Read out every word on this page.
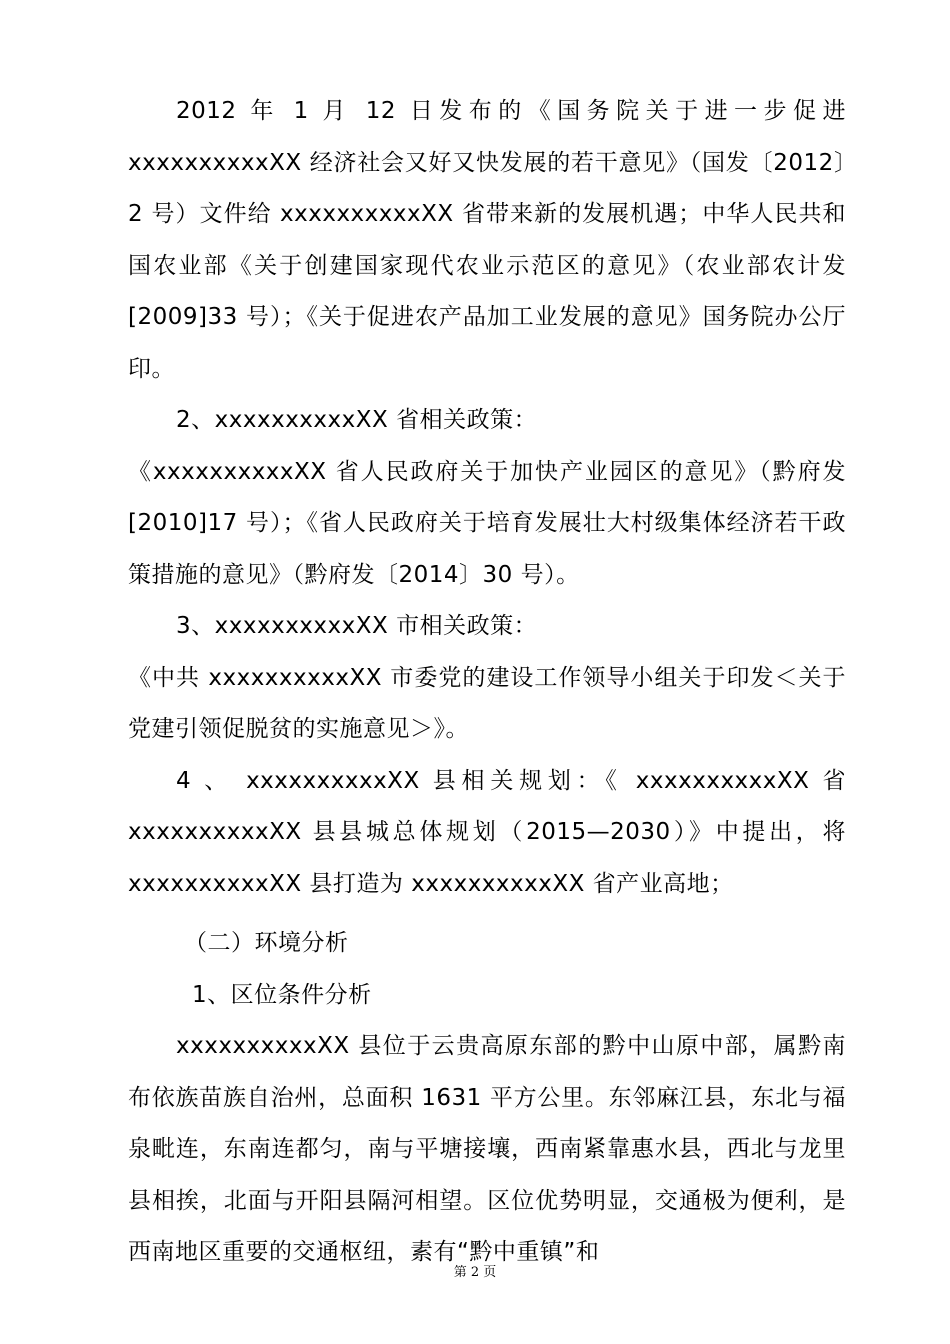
2012 年 1 月 12 日发布的《国务院关于进一步促进 xxxxxxxxxxXX 经济社会又好又快发展的若干意见》（国发〔2012〕2 号）文件给 xxxxxxxxxxXX 省带来新的发展机遇；中华人民共和国农业部《关于创建国家现代农业示范区的意见》（农业部农计发[2009]33 号）；《关于促进农产品加工业发展的意见》国务院办公厅印。

2、xxxxxxxxxxXX 省相关政策：

《xxxxxxxxxxXX 省人民政府关于加快产业园区的意见》（黔府发[2010]17 号）；《省人民政府关于培育发展壮大村级集体经济若干政策措施的意见》（黔府发〔2014〕30 号）。

3、xxxxxxxxxxXX 市相关政策：

《中共 xxxxxxxxxxXX 市委党的建设工作领导小组关于印发＜关于党建引领促脱贫的实施意见＞》。

4 、 xxxxxxxxxxXX 县相关规划：《 xxxxxxxxxxXX 省 xxxxxxxxxxXX 县县城总体规划（2015—2030）》中提出，将 xxxxxxxxxxXX 县打造为 xxxxxxxxxxXX 省产业高地；

（二）环境分析

1、区位条件分析

xxxxxxxxxxXX 县位于云贵高原东部的黔中山原中部，属黔南布依族苗族自治州，总面积 1631 平方公里。东邻麻江县，东北与福泉毗连，东南连都匀，南与平塘接壤，西南紧靠惠水县，西北与龙里县相挨，北面与开阳县隔河相望。区位优势明显，交通极为便利，是西南地区重要的交通枢纽，素有“黔中重镇”和

第 2 页
